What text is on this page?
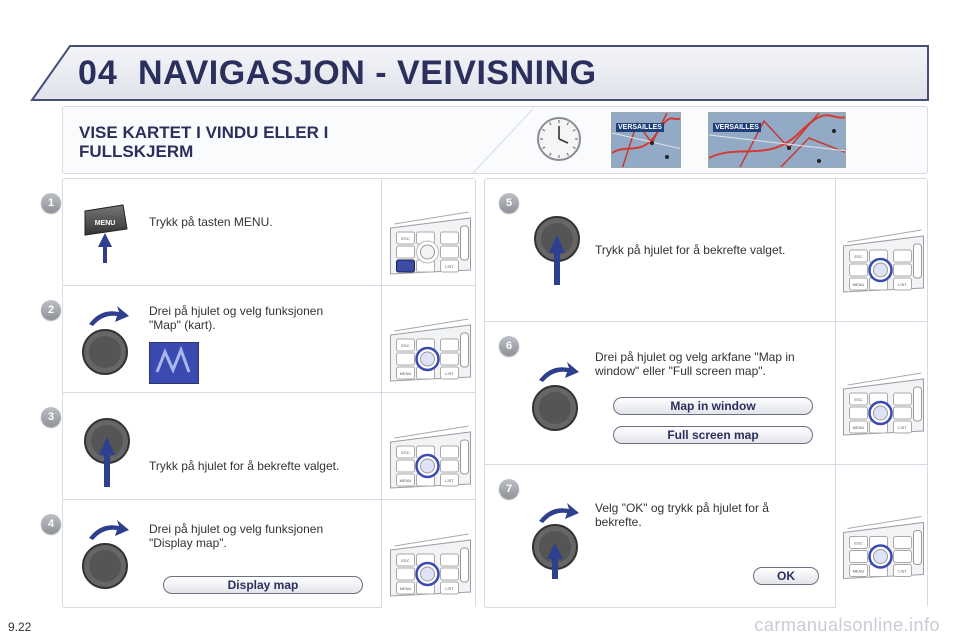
04 NAVIGASJON - VEIVISNING
VISE KARTET I VINDU ELLER I FULLSKJERM
VERSAILLES	VERSAILLES
1
MENU	Trykk på tasten MENU.
ESC
MENU	LIST
2	Drei på hjulet og velg funksjonen "Map" (kart).
ESC
MENU	LIST
3
Trykk på hjulet for å bekrefte valget.
ESC
MENU	LIST
4	Drei på hjulet og velg funksjonen "Display map".
Display map
ESC
MENU	LIST
5
Trykk på hjulet for å bekrefte valget.	ESC
MENU	LIST
6
Drei på hjulet og velg arkfane "Map in window" eller "Full screen map".
Map in window
Full screen map
ESC
MENU	LIST
7
Velg "OK" og trykk på hjulet for å bekrefte.
OK
ESC
MENU	LIST
9.22	carmanualsonline.info
